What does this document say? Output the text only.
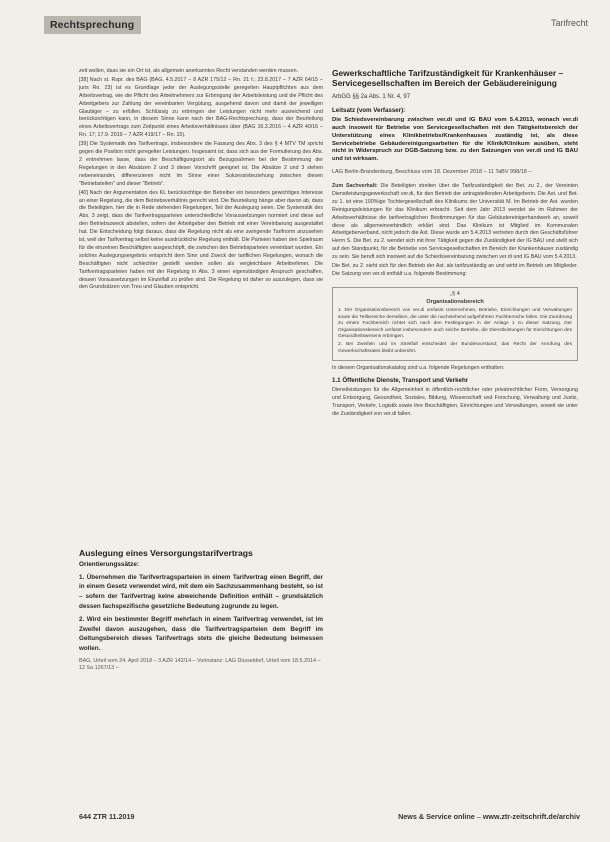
Rechtsprechung	Tarifrecht

zeit wollen, dass sie ein Ort ist, als allgemein anerkanntes Recht verstanden werden mussen.

[38] Nach st. Rspr. des BAG (BAG, 4.5.2017 – 8 AZR 175/12 – Rn. 21 f.; 23.8.2017 – 7 AZR 64/15 – juris Rn. 23) ist es Grundlage jeder der Auslegungsstelle geregelten Hauptpflichten aus dem Arbeitsvertrag, wie die Pflicht des Arbeitnehmers zur Erbringung der Arbeitsleistung und die Pflicht des Arbeitgebers zur Zahlung der vereinbarten Vergütung, ausgehend davon und damit der jeweiligen Glaubiger – zu erfüllen. Schlüssig zu erbringen der Leistungen nicht mehr ausreichend und berücksichtigen kann, in diesem Sinne kann nach der BAG-Rechtsprechung, dass der Beurteilung eines Arbeitsvertrags zum Zeitpunkt eines Arbeitsverhältnisses über (BAG 16.3.2016 – 4 AZR 40/16 – Rn. 17; 17.9. 2019 – 7 AZR 419/17 – Rn. 15).

[39] Die Systematik des Tarifvertrags, insbesondere die Fassung des Abs. 3 des § 4 MTV TM spricht gegen die Position nicht geregelter Leistungen. Insgesamt ist, dass sich aus der Formulierung des Abs. 2 entnehmen lasse, dass der Beschäftigungsort als Bezugsrahmen bei der Bestimmung der Regelungen in den Absätzen 2 und 3 dieser Vorschrift geeignet ist. Die Absätze 2 und 3 stehen nebeneinander, differenzieren nicht im Sinne einer Sukzessivbeziehung zwischen diesen "Betriebsteilen" und dieser "Betrieb".

[40] Nach der Argumentation des KL berücksichtige der Betreiber ein besonders gewichtiges Interesse an einer Regelung, die dem Betriebsverhältnis gerecht wird. Die Beurteilung hänge aber davon ab, dass die Beteiligten, hier die in Rede stehenden Regelungen, Teil der Auslegung seien. Die Systematik des Abs. 3 zeigt, dass die Tarifvertragsparteien unterschiedliche Voraussetzungen normiert und diese auf den Betriebszweck abstellen, sofern der Arbeitgeber den Betrieb mit einer Vereinbarung ausgestaltet hat. Die Entscheidung folgt daraus, dass die Regelung nicht als eine zwingende Tarifnorm anzusehen ist, weil der Tarifvertrag selbst keine ausdrückliche Regelung enthält. Die Parteien haben den Spielraum für die einzelnen Beschäftigten ausgeschöpft, die zwischen den Betriebsparteien vereinbart wurden. Ein solches Auslegungsergebnis entspricht dem Sinn und Zweck der tariflichen Regelungen, wonach die Beschäftigten nicht schlechter gestellt werden sollen als vergleichbare Arbeitnehmer. Die Tarifvertragsparteien haben mit der Regelung in Abs. 3 einen eigenständigen Anspruch geschaffen, dessen Voraussetzungen im Einzelfall zu prüfen sind. Die Regelung ist daher so auszulegen, dass sie den Grundsätzen von Treu und Glauben entspricht.

Auslegung eines Versorgungstarifvertrags
Orientierungssätze:

1. Übernehmen die Tarifvertragsparteien in einem Tarifvertrag einen Begriff, der in einem Gesetz verwendet wird, mit dem ein Sachzusammenhang besteht, so ist – sofern der Tarifvertrag keine abweichende Definition enthält – grundsätzlich dessen fachspezifische gesetzliche Bedeutung zugrunde zu legen.

2. Wird ein bestimmter Begriff mehrfach in einem Tarifvertrag verwendet, ist im Zweifel davon auszugehen, dass die Tarifvertragsparteien dem Begriff im Geltungsbereich dieses Tarifvertrags stets die gleiche Bedeutung beimessen wollen.

BAG, Urteil vom 24. April 2018 – 3 AZR 142/14 – Vorinstanz: LAG Düsseldorf, Urteil vom 18.5.2014 – 12 Sa 1267/13 –
Gewerkschaftliche Tarifzuständigkeit für Krankenhäuser – Servicegesellschaften im Bereich der Gebäudereinigung
ArbGG §§ 2a Abs. 1 Nr. 4, 97
Leitsatz (vom Verfasser):

Die Schiedsvereinbarung zwischen ver.di und IG BAU vom 5.4.2013, wonach ver.di auch insoweit für Betriebe von Servicegesellschaften mit den Tätigkeitsbereich der Unterstützung eines Klinikbetriebs/Krankenhauses zuständig ist, als diese Servicebetriebe Gebäudereinigungsarbeiten für die Klinik/Klinikum ausüben, steht nicht in Widerspruch zur DGB-Satzung bzw. zu den Satzungen von ver.di und IG BAU und ist wirksam.

LAG Berlin-Brandenburg, Beschluss vom 18. Dezember 2018 – 11 TaBV 998/18 –

Zum Sachverhalt: Die Beteiligten streiten über die Tarifzuständigkeit der Bet. zu 2., der Vereinten Dienstleistungsgewerkschaft ver.di, für den Betrieb der antragstellenden Arbeitgeberin. Die Ast. und Bet. zu 1. ist eine 100%ige Tochtergesellschaft des Klinikums der Universität M. Im Betrieb der Ast. wurden Reinigungsleistungen für das Klinikum erbracht. Seit dem Jahr 2013 wendet sie im Rahmen der Arbeitsverhältnisse die tarifvertraglichen Bestimmungen für das Gebäudereinigerhandwerk an, soweit diese als allgemeinverbindlich erklärt sind. Das Klinikum ist Mitglied im Kommunalen Arbeitgeberverband, nicht jedoch die Ast. Diese wurde am 5.4.2013 vertreten durch den Geschäftsführer Herrn S. Die Bet. zu 2. wendet sich mit ihrer Tätigkeit gegen die Zuständigkeit der IG BAU und stellt sich auf den Standpunkt, für die Betriebe von Servicegesellschaften im Bereich der Krankenhäuser zuständig zu sein. Sie beruft sich insoweit auf die Schiedsvereinbarung zwischen ver.di und IG BAU vom 5.4.2013.

Die Bet. zu 2. sieht sich für den Betrieb der Ast. als tarifzuständig an und wirbt im Betrieb um Mitglieder. Die Satzung von ver.di enthält u.a. folgende Bestimmung:

„§ 4
Organisationsbereich

1. Der Organisationsbereich von ver.di umfasst Unternehmen, Betriebe, Einrichtungen und Verwaltungen sowie die Teilbereiche derselben, die unter die nachstehend aufgeführten Fachbereiche fallen. Die Zuordnung zu einem Fachbereich richtet sich nach den Festlegungen in der Anlage 1 zu dieser Satzung. Der Organisationsbereich umfasst insbesondere auch solche Betriebe, die Dienstleistungen für Einrichtungen des Gesundheitswesens erbringen.

2. Bei Zweifeln und im Streitfall entscheidet der Bundesvorstand; das Recht der Anrufung des Gewerkschaftsrates bleibt unberührt.

In diesem Organisationskatalog sind u.a. folgende Regelungen enthalten:

1.1 Öffentliche Dienste, Transport und Verkehr

Dienstleistungen für die Allgemeinheit in öffentlich-rechtlicher oder privatrechtlicher Form, Versorgung und Entsorgung, Gesundheit, Soziales, Bildung, Wissenschaft und Forschung, Verwaltung und Justiz, Transport, Verkehr, Logistik sowie ihre Beschäftigten, Einrichtungen und Verwaltungen, soweit sie unter die Zuständigkeit von ver.di fallen.

644 ZTR 11.2019	News & Service online – www.ztr-zeitschrift.de/archiv
